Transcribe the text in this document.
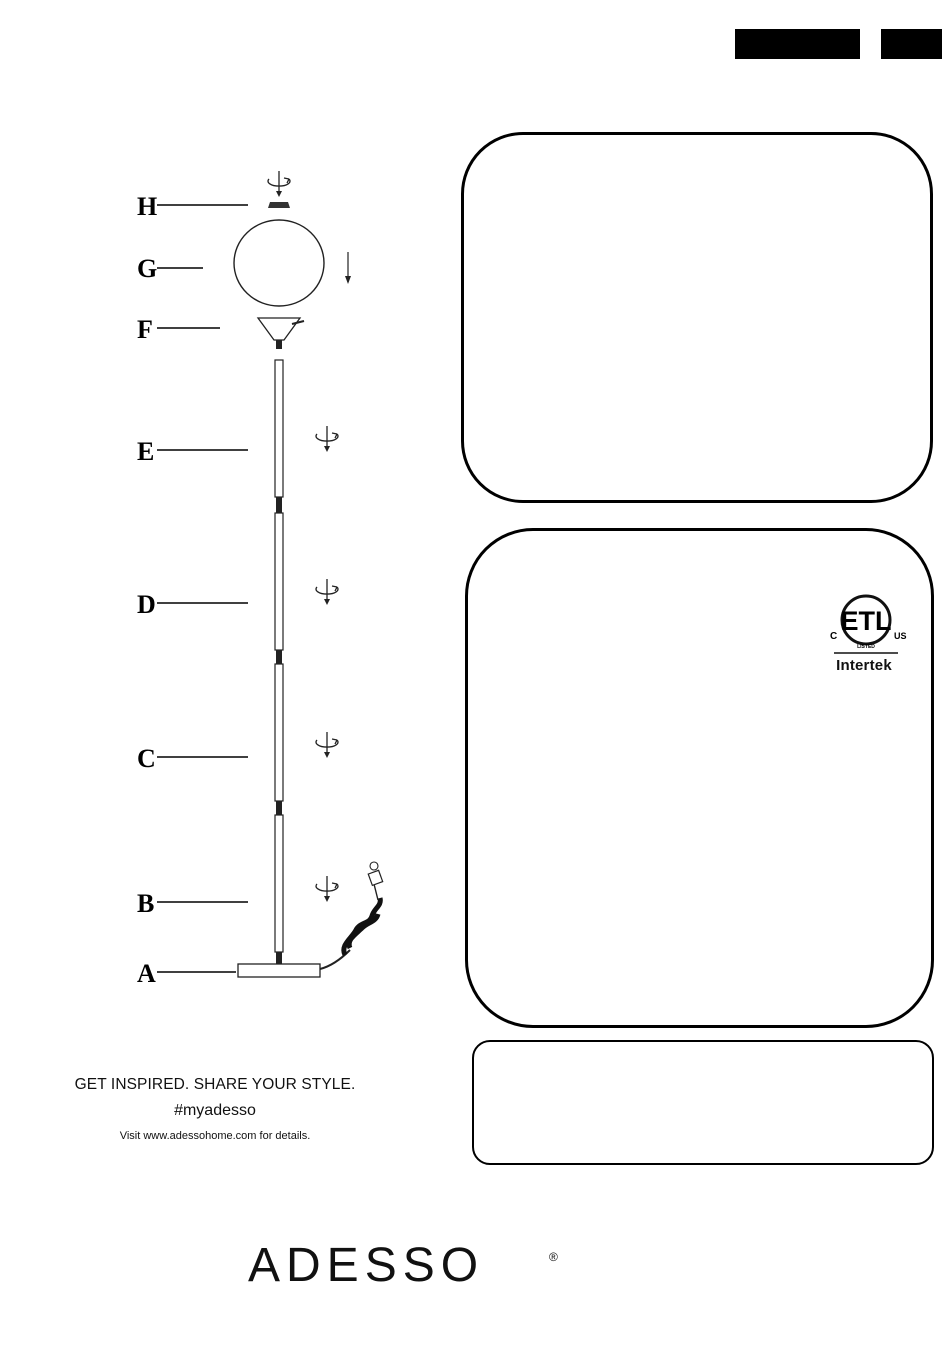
H
G
F
E
D
C
B
A
ETL
C	US
LISTED
Intertek
GET INSPIRED. SHARE YOUR STYLE.
#myadesso
Visit www.adessohome.com for details.
ADESSO	®
